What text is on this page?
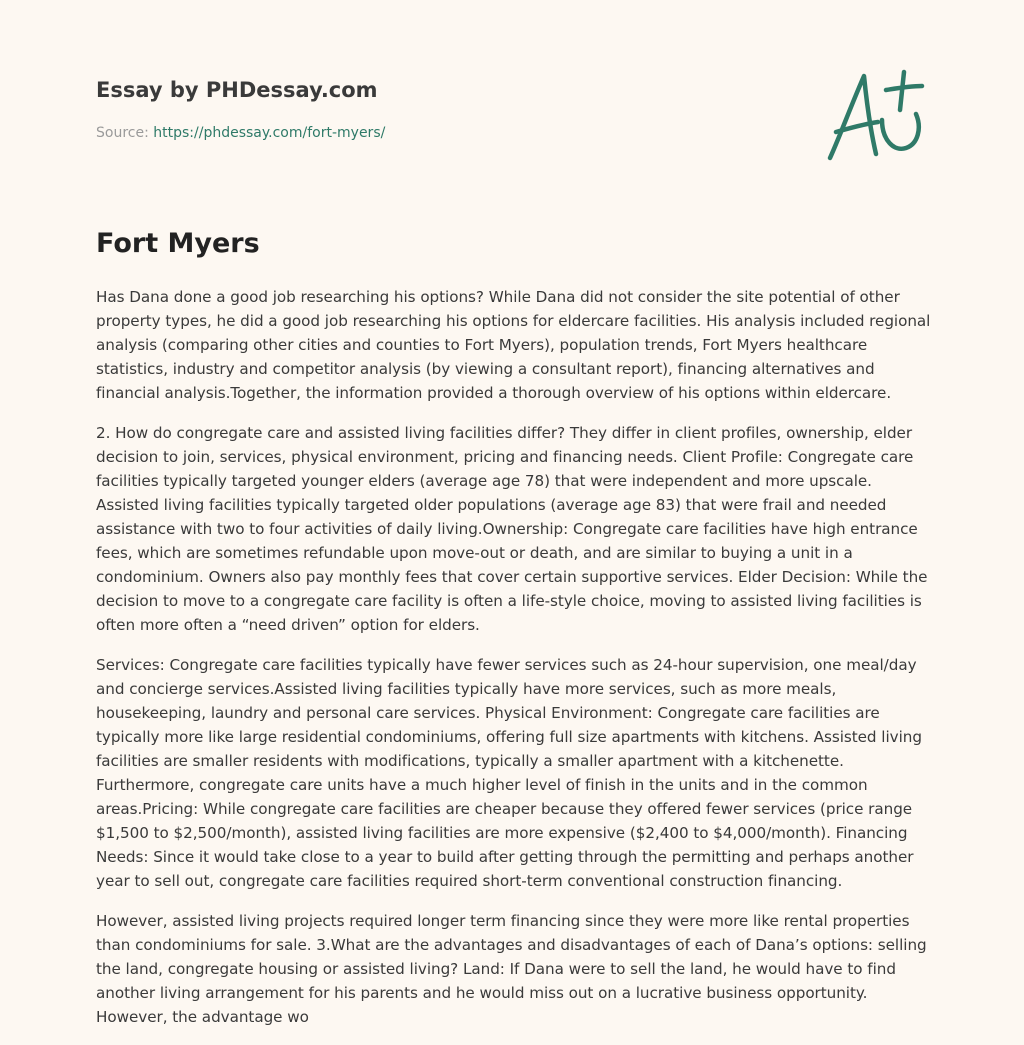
Essay by PHDessay.com
Source: https://phdessay.com/fort-myers/
Fort Myers

Has Dana done a good job researching his options? While Dana did not consider the site potential of other property types, he did a good job researching his options for eldercare facilities. His analysis included regional analysis (comparing other cities and counties to Fort Myers), population trends, Fort Myers healthcare statistics, industry and competitor analysis (by viewing a consultant report), financing alternatives and financial analysis.Together, the information provided a thorough overview of his options within eldercare.

2. How do congregate care and assisted living facilities differ? They differ in client profiles, ownership, elder decision to join, services, physical environment, pricing and financing needs. Client Profile: Congregate care facilities typically targeted younger elders (average age 78) that were independent and more upscale. Assisted living facilities typically targeted older populations (average age 83) that were frail and needed assistance with two to four activities of daily living.Ownership: Congregate care facilities have high entrance fees, which are sometimes refundable upon move-out or death, and are similar to buying a unit in a condominium. Owners also pay monthly fees that cover certain supportive services. Elder Decision: While the decision to move to a congregate care facility is often a life-style choice, moving to assisted living facilities is often more often a “need driven” option for elders.

Services: Congregate care facilities typically have fewer services such as 24-hour supervision, one meal/day and concierge services.Assisted living facilities typically have more services, such as more meals, housekeeping, laundry and personal care services. Physical Environment: Congregate care facilities are typically more like large residential condominiums, offering full size apartments with kitchens. Assisted living facilities are smaller residents with modifications, typically a smaller apartment with a kitchenette. Furthermore, congregate care units have a much higher level of finish in the units and in the common areas.Pricing: While congregate care facilities are cheaper because they offered fewer services (price range $1,500 to $2,500/month), assisted living facilities are more expensive ($2,400 to $4,000/month). Financing Needs: Since it would take close to a year to build after getting through the permitting and perhaps another year to sell out, congregate care facilities required short-term conventional construction financing.

However, assisted living projects required longer term financing since they were more like rental properties than condominiums for sale. 3.What are the advantages and disadvantages of each of Dana’s options: selling the land, congregate housing or assisted living? Land: If Dana were to sell the land, he would have to find another living arrangement for his parents and he would miss out on a lucrative business opportunity. However, the advantage wo
